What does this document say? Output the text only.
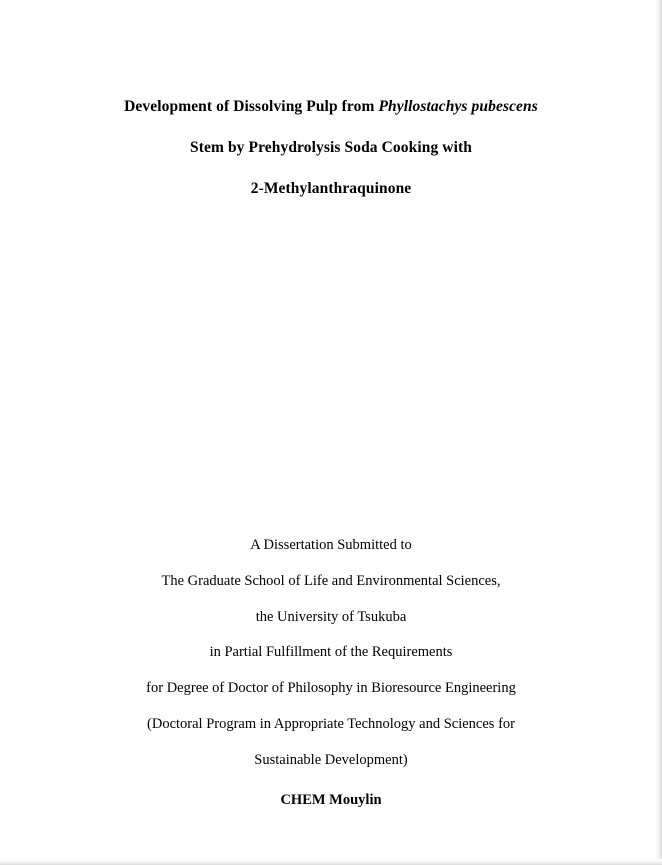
Development of Dissolving Pulp from Phyllostachys pubescens
Stem by Prehydrolysis Soda Cooking with
2-Methylanthraquinone
A Dissertation Submitted to
The Graduate School of Life and Environmental Sciences,
the University of Tsukuba
in Partial Fulfillment of the Requirements
for Degree of Doctor of Philosophy in Bioresource Engineering
(Doctoral Program in Appropriate Technology and Sciences for
Sustainable Development)
CHEM Mouylin
